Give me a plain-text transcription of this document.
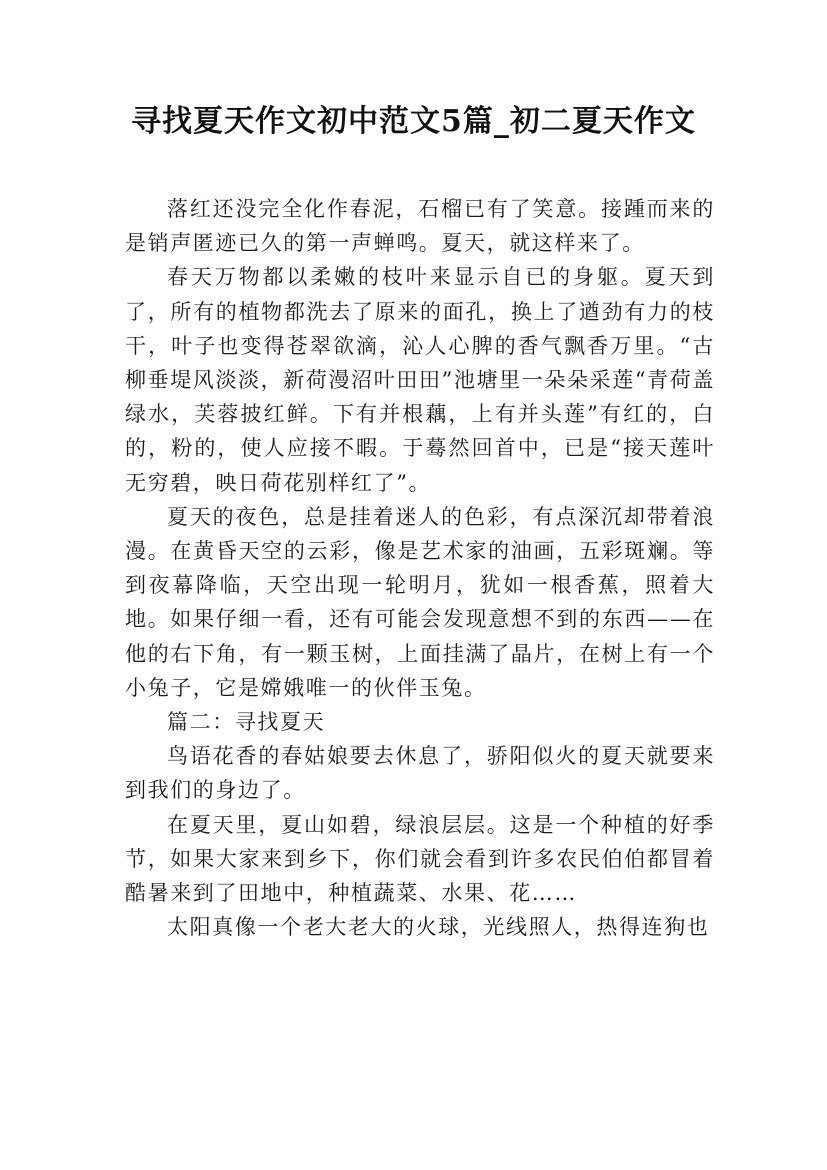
寻找夏天作文初中范文5篇_初二夏天作文

落红还没完全化作春泥，石榴已有了笑意。接踵而来的是销声匿迹已久的第一声蝉鸣。夏天，就这样来了。

春天万物都以柔嫩的枝叶来显示自已的身躯。夏天到了，所有的植物都洗去了原来的面孔，换上了遒劲有力的枝干，叶子也变得苍翠欲滴，沁人心脾的香气飘香万里。“古柳垂堤风淡淡，新荷漫沼叶田田”池塘里一朵朵采莲“青荷盖绿水，芙蓉披红鲜。下有并根藕，上有并头莲”有红的，白的，粉的，使人应接不暇。于蓦然回首中，已是“接天莲叶无穷碧，映日荷花别样红了”。

夏天的夜色，总是挂着迷人的色彩，有点深沉却带着浪漫。在黄昏天空的云彩，像是艺术家的油画，五彩斑斓。等到夜幕降临，天空出现一轮明月，犹如一根香蕉，照着大地。如果仔细一看，还有可能会发现意想不到的东西——在他的右下角，有一颗玉树，上面挂满了晶片，在树上有一个小兔子，它是嫦娥唯一的伙伴玉兔。

篇二：寻找夏天

鸟语花香的春姑娘要去休息了，骄阳似火的夏天就要来到我们的身边了。

在夏天里，夏山如碧，绿浪层层。这是一个种植的好季节，如果大家来到乡下，你们就会看到许多农民伯伯都冒着酷暑来到了田地中，种植蔬菜、水果、花……

太阳真像一个老大老大的火球，光线照人，热得连狗也
